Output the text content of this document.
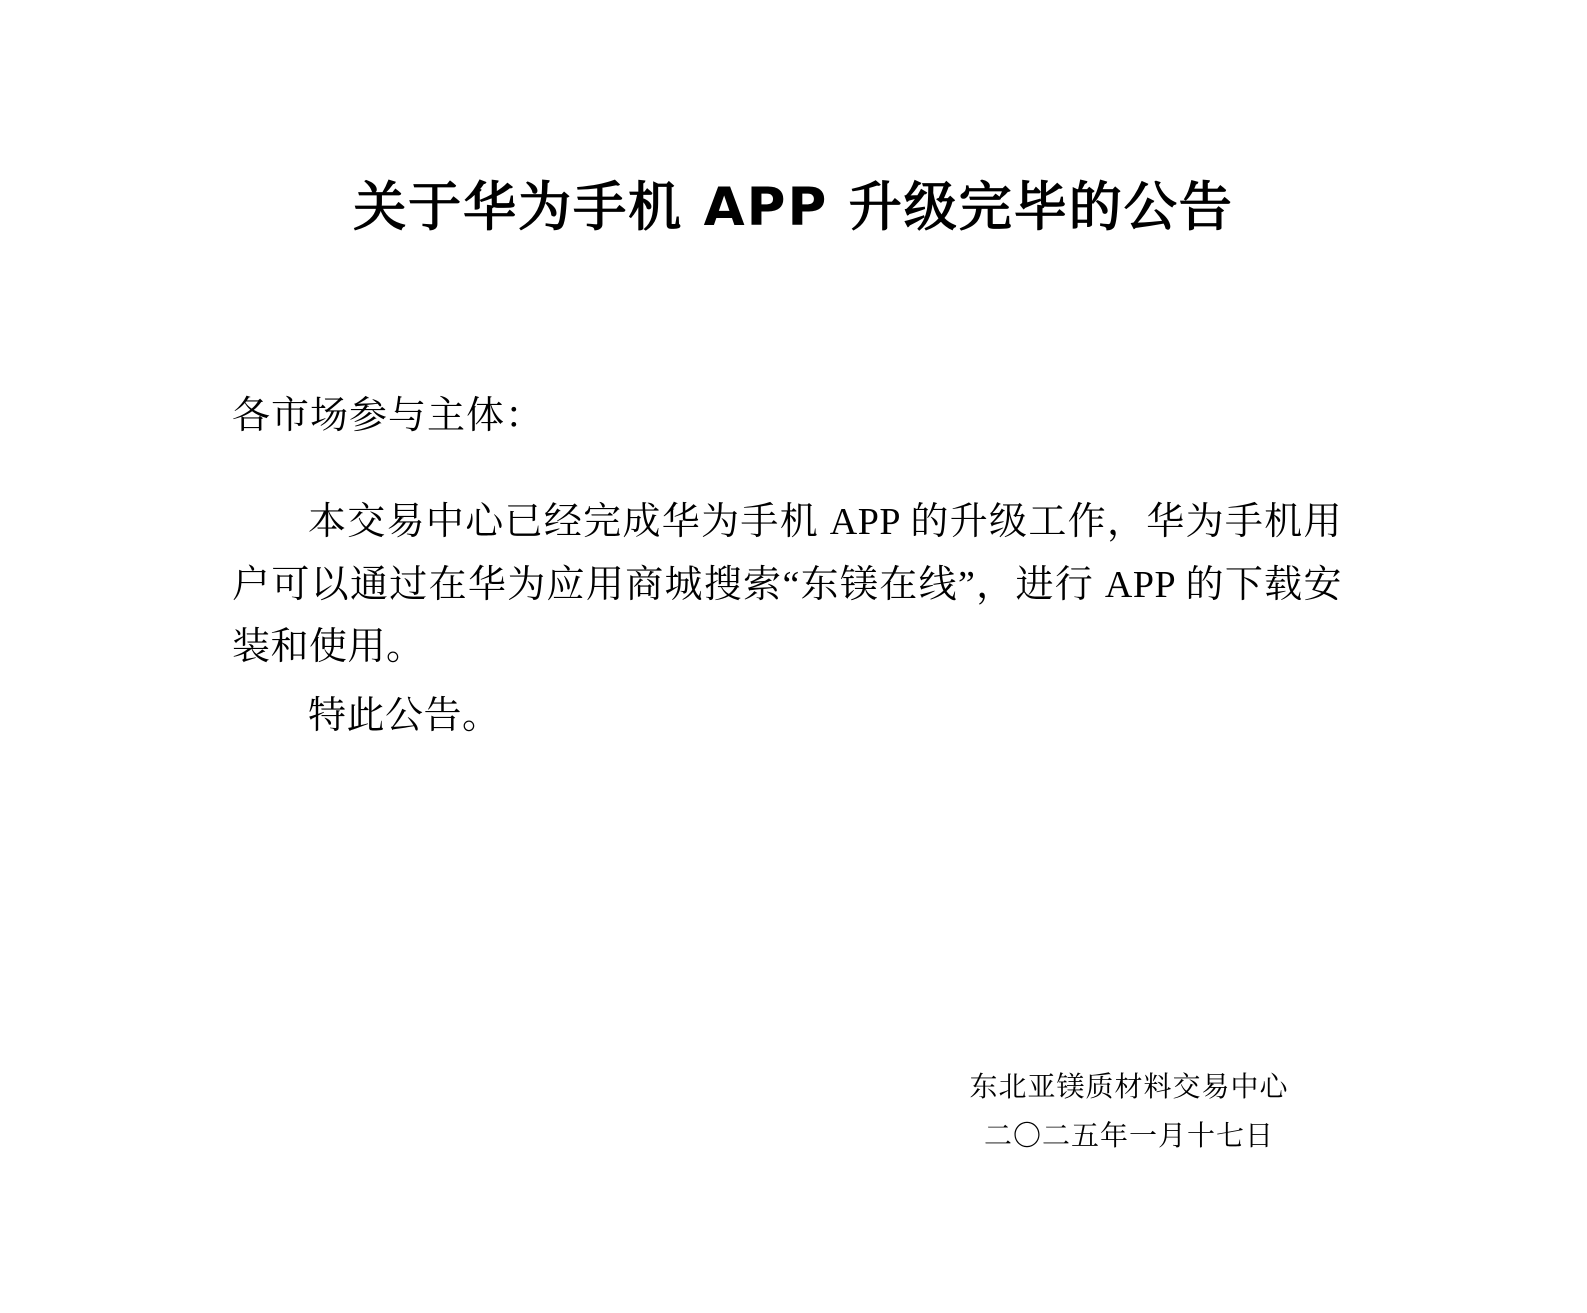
关于华为手机 APP 升级完毕的公告

各市场参与主体：

本交易中心已经完成华为手机 APP 的升级工作，华为手机用户可以通过在华为应用商城搜索“东镁在线”，进行 APP 的下载安装和使用。

特此公告。

东北亚镁质材料交易中心
二〇二五年一月十七日
